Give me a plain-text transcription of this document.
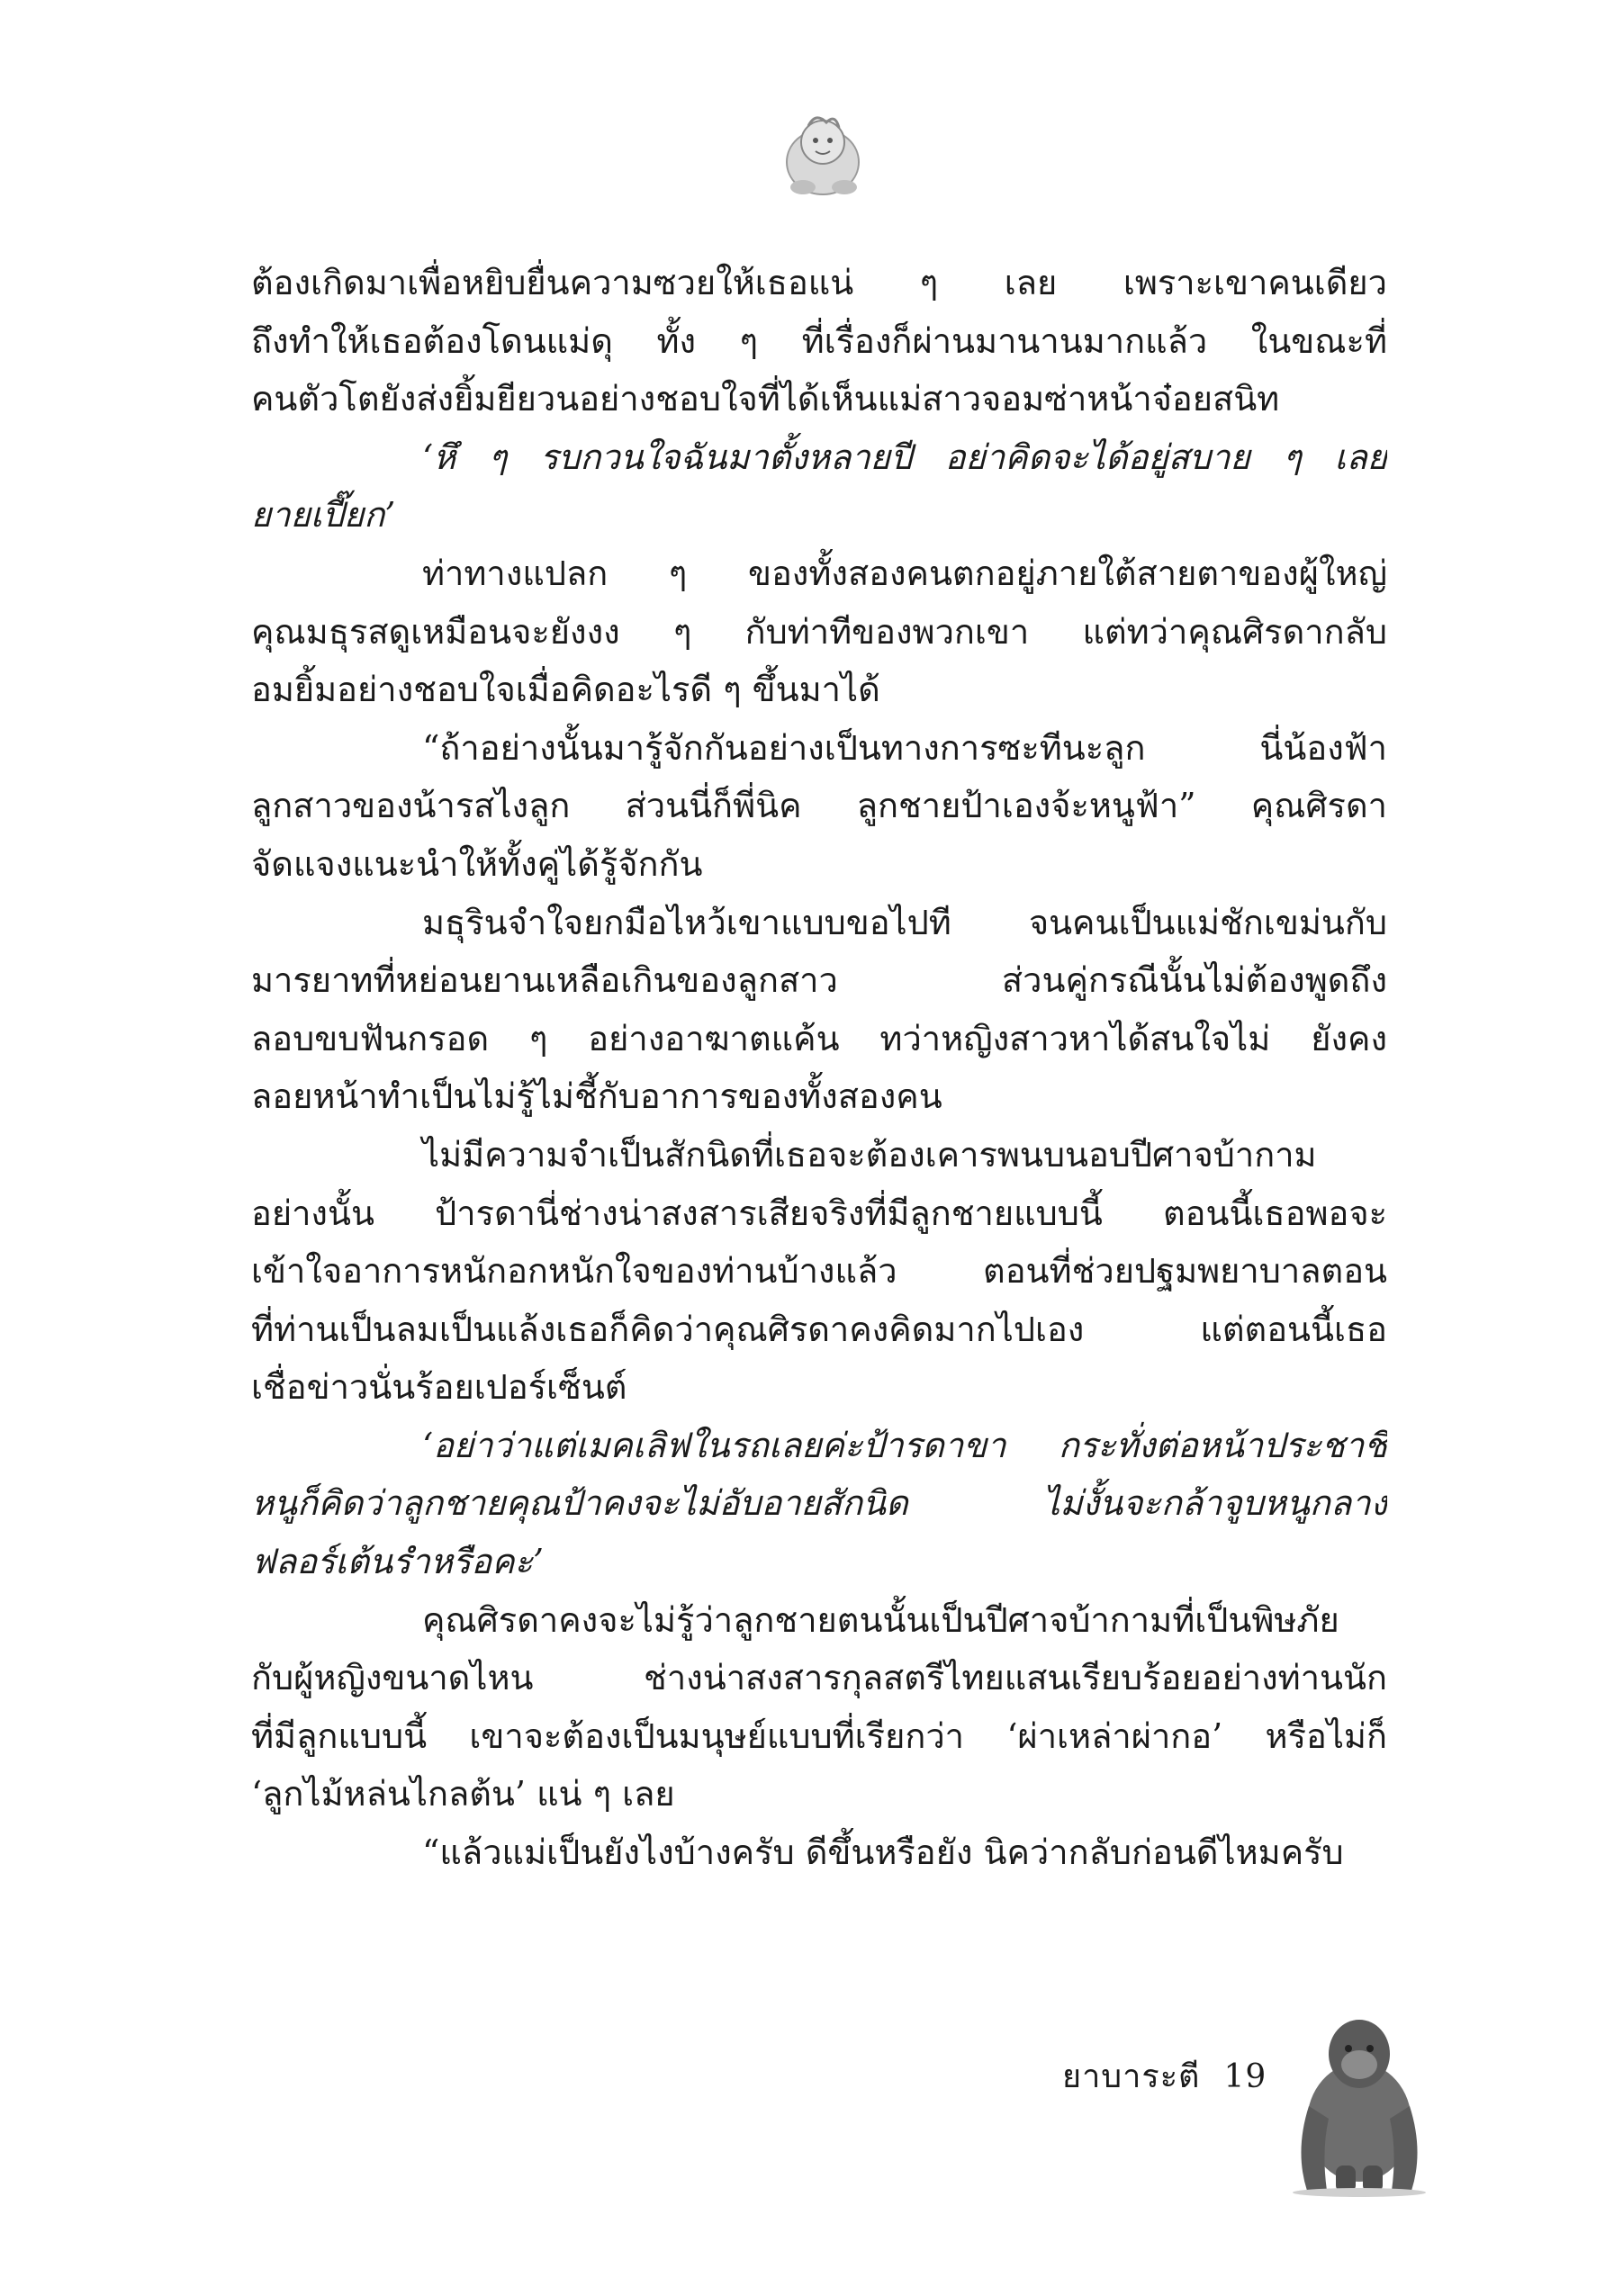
ต้องเกิดมาเพื่อหยิบยื่นความซวยให้เธอแน่ ๆ เลย เพราะเขาคนเดียว
ถึงทำให้เธอต้องโดนแม่ดุ ทั้ง ๆ ที่เรื่องก็ผ่านมานานมากแล้ว ในขณะที่
คนตัวโตยังส่งยิ้มยียวนอย่างชอบใจที่ได้เห็นแม่สาวจอมซ่าหน้าจ๋อยสนิท
‘หึ ๆ รบกวนใจฉันมาตั้งหลายปี อย่าคิดจะได้อยู่สบาย ๆ เลย
ยายเปี๊ยก’
ท่าทางแปลก ๆ ของทั้งสองคนตกอยู่ภายใต้สายตาของผู้ใหญ่
คุณมธุรสดูเหมือนจะยังงง ๆ กับท่าทีของพวกเขา แต่ทว่าคุณศิรดากลับ
อมยิ้มอย่างชอบใจเมื่อคิดอะไรดี ๆ ขึ้นมาได้
“ถ้าอย่างนั้นมารู้จักกันอย่างเป็นทางการซะทีนะลูก นี่น้องฟ้า
ลูกสาวของน้ารสไงลูก ส่วนนี่ก็พี่นิค ลูกชายป้าเองจ้ะหนูฟ้า” คุณศิรดา
จัดแจงแนะนำให้ทั้งคู่ได้รู้จักกัน
มธุรินจำใจยกมือไหว้เขาแบบขอไปที จนคนเป็นแม่ชักเขม่นกับ
มารยาทที่หย่อนยานเหลือเกินของลูกสาว ส่วนคู่กรณีนั้นไม่ต้องพูดถึง
ลอบขบฟันกรอด ๆ อย่างอาฆาตแค้น ทว่าหญิงสาวหาได้สนใจไม่ ยังคง
ลอยหน้าทำเป็นไม่รู้ไม่ชี้กับอาการของทั้งสองคน
ไม่มีความจำเป็นสักนิดที่เธอจะต้องเคารพนบนอบปีศาจบ้ากาม
อย่างนั้น ป้ารดานี่ช่างน่าสงสารเสียจริงที่มีลูกชายแบบนี้ ตอนนี้เธอพอจะ
เข้าใจอาการหนักอกหนักใจของท่านบ้างแล้ว ตอนที่ช่วยปฐมพยาบาลตอน
ที่ท่านเป็นลมเป็นแล้งเธอก็คิดว่าคุณศิรดาคงคิดมากไปเอง แต่ตอนนี้เธอ
เชื่อข่าวนั่นร้อยเปอร์เซ็นต์
‘อย่าว่าแต่เมคเลิฟในรถเลยค่ะป้ารดาขา กระทั่งต่อหน้าประชาชี
หนูก็คิดว่าลูกชายคุณป้าคงจะไม่อับอายสักนิด ไม่งั้นจะกล้าจูบหนูกลาง
ฟลอร์เต้นรำหรือคะ’
คุณศิรดาคงจะไม่รู้ว่าลูกชายตนนั้นเป็นปีศาจบ้ากามที่เป็นพิษภัย
กับผู้หญิงขนาดไหน ช่างน่าสงสารกุลสตรีไทยแสนเรียบร้อยอย่างท่านนัก
ที่มีลูกแบบนี้ เขาจะต้องเป็นมนุษย์แบบที่เรียกว่า ‘ผ่าเหล่าผ่ากอ’ หรือไม่ก็
‘ลูกไม้หล่นไกลต้น’ แน่ ๆ เลย
“แล้วแม่เป็นยังไงบ้างครับ ดีขึ้นหรือยัง นิคว่ากลับก่อนดีไหมครับ
ยาบาระตี 19
